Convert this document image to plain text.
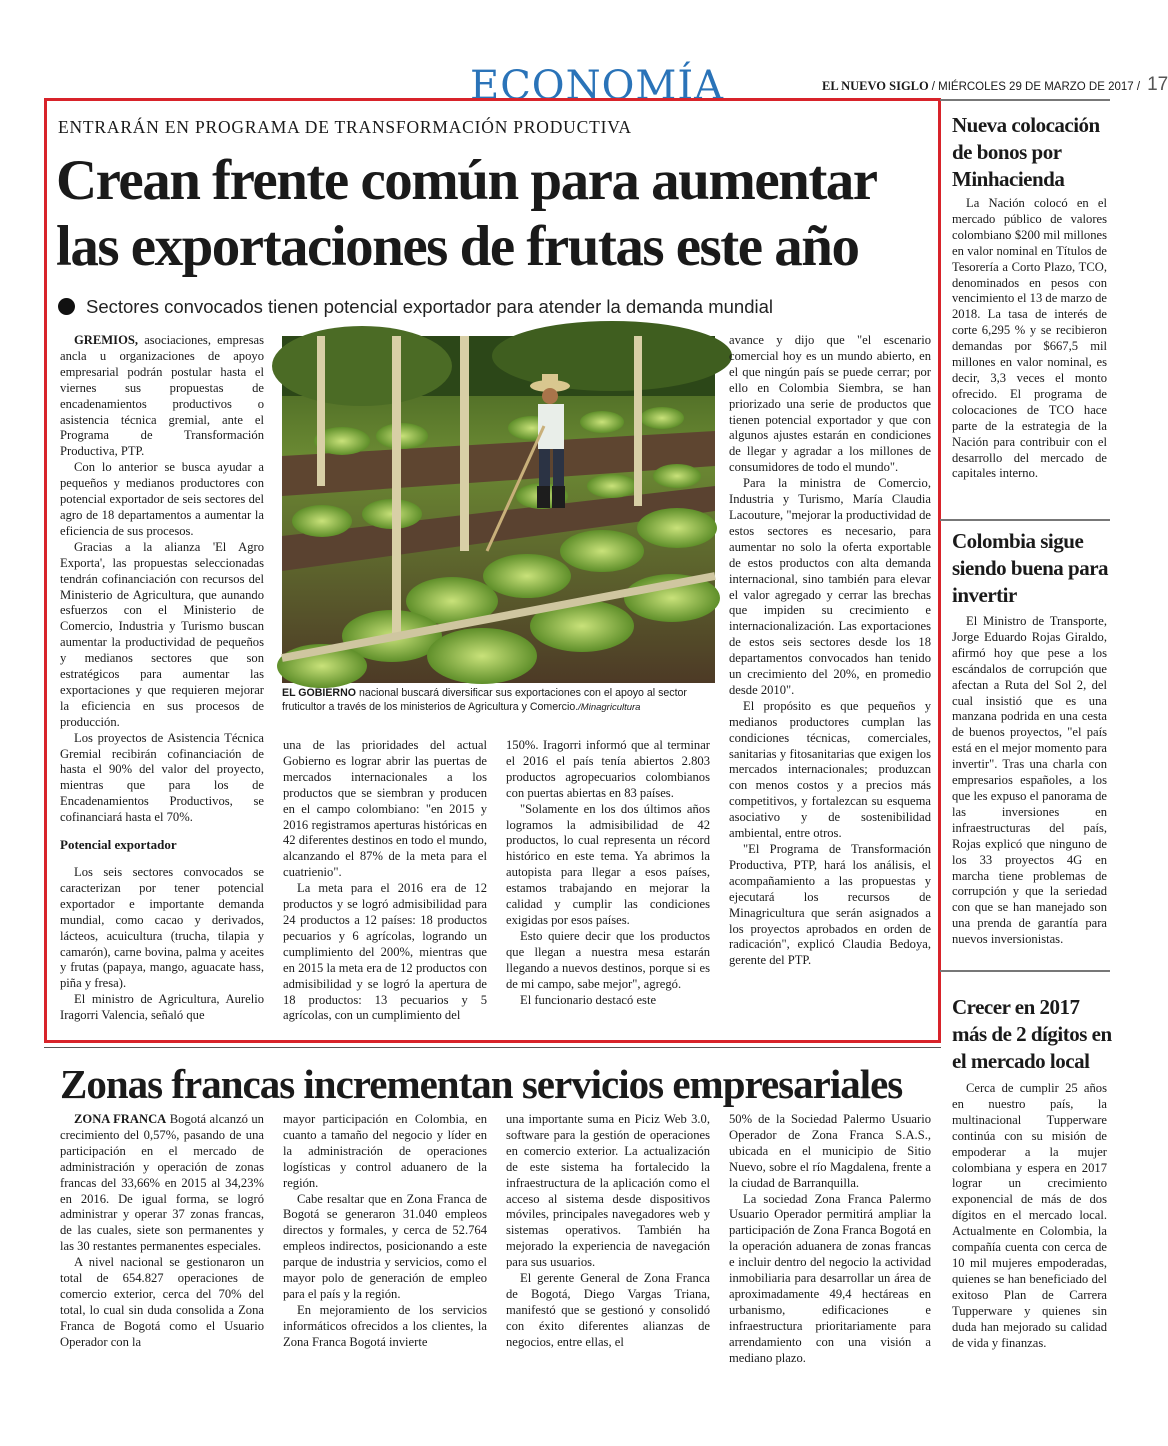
ECONOMÍA	EL NUEVO SIGLO / MIÉRCOLES 29 DE MARZO DE 2017 / 17
ENTRARÁN EN PROGRAMA DE TRANSFORMACIÓN PRODUCTIVA
Crean frente común para aumentar
las exportaciones de frutas este año
Sectores convocados tienen potencial exportador para atender la demanda mundial

GREMIOS, asociaciones, empresas ancla u organizaciones de apoyo empresarial podrán postular hasta el viernes sus propuestas de encadenamientos productivos o asistencia técnica gremial, ante el Programa de Transformación Productiva, PTP.

Con lo anterior se busca ayudar a pequeños y medianos productores con potencial exportador de seis sectores del agro de 18 departamentos a aumentar la eficiencia de sus procesos.

Gracias a la alianza 'El Agro Exporta', las propuestas seleccionadas tendrán cofinanciación con recursos del Ministerio de Agricultura, que aunando esfuerzos con el Ministerio de Comercio, Industria y Turismo buscan aumentar la productividad de pequeños y medianos sectores que son estratégicos para aumentar las exportaciones y que requieren mejorar la eficiencia en sus procesos de producción.

Los proyectos de Asistencia Técnica Gremial recibirán cofinanciación de hasta el 90% del valor del proyecto, mientras que para los de Encadenamientos Productivos, se cofinanciará hasta el 70%.

Potencial exportador

Los seis sectores convocados se caracterizan por tener potencial exportador e importante demanda mundial, como cacao y derivados, lácteos, acuicultura (trucha, tilapia y camarón), carne bovina, palma y aceites y frutas (papaya, mango, aguacate hass, piña y fresa).

El ministro de Agricultura, Aurelio Iragorri Valencia, señaló que

EL GOBIERNO nacional buscará diversificar sus exportaciones con el apoyo al sector fruticultor a través de los ministerios de Agricultura y Comercio./Minagricultura

una de las prioridades del actual Gobierno es lograr abrir las puertas de mercados internacionales a los productos que se siembran y producen en el campo colombiano: "en 2015 y 2016 registramos aperturas históricas en 42 diferentes destinos en todo el mundo, alcanzando el 87% de la meta para el cuatrienio".

La meta para el 2016 era de 12 productos y se logró admisibilidad para 24 productos a 12 países: 18 productos pecuarios y 6 agrícolas, logrando un cumplimiento del 200%, mientras que en 2015 la meta era de 12 productos con admisibilidad y se logró la apertura de 18 productos: 13 pecuarios y 5 agrícolas, con un cumplimiento del

150%. Iragorri informó que al terminar el 2016 el país tenía abiertos 2.803 productos agropecuarios colombianos con puertas abiertas en 83 países.

"Solamente en los dos últimos años logramos la admisibilidad de 42 productos, lo cual representa un récord histórico en este tema. Ya abrimos la autopista para llegar a esos países, estamos trabajando en mejorar la calidad y cumplir las condiciones exigidas por esos países.

Esto quiere decir que los productos que llegan a nuestra mesa estarán llegando a nuevos destinos, porque si es de mi campo, sabe mejor", agregó.

El funcionario destacó este

avance y dijo que "el escenario comercial hoy es un mundo abierto, en el que ningún país se puede cerrar; por ello en Colombia Siembra, se han priorizado una serie de productos que tienen potencial exportador y que con algunos ajustes estarán en condiciones de llegar y agradar a los millones de consumidores de todo el mundo".

Para la ministra de Comercio, Industria y Turismo, María Claudia Lacouture, "mejorar la productividad de estos sectores es necesario, para aumentar no solo la oferta exportable de estos productos con alta demanda internacional, sino también para elevar el valor agregado y cerrar las brechas que impiden su crecimiento e internacionalización. Las exportaciones de estos seis sectores desde los 18 departamentos convocados han tenido un crecimiento del 20%, en promedio desde 2010".

El propósito es que pequeños y medianos productores cumplan las condiciones técnicas, comerciales, sanitarias y fitosanitarias que exigen los mercados internacionales; produzcan con menos costos y a precios más competitivos, y fortalezcan su esquema asociativo y de sostenibilidad ambiental, entre otros.

"El Programa de Transformación Productiva, PTP, hará los análisis, el acompañamiento a las propuestas y ejecutará los recursos de Minagricultura que serán asignados a los proyectos aprobados en orden de radicación", explicó Claudia Bedoya, gerente del PTP.

Nueva colocación de bonos por Minhacienda

La Nación colocó en el mercado público de valores colombiano $200 mil millones en valor nominal en Títulos de Tesorería a Corto Plazo, TCO, denominados en pesos con vencimiento el 13 de marzo de 2018. La tasa de interés de corte 6,295 % y se recibieron demandas por $667,5 mil millones en valor nominal, es decir, 3,3 veces el monto ofrecido. El programa de colocaciones de TCO hace parte de la estrategia de la Nación para contribuir con el desarrollo del mercado de capitales interno.

Colombia sigue siendo buena para invertir

El Ministro de Transporte, Jorge Eduardo Rojas Giraldo, afirmó hoy que pese a los escándalos de corrupción que afectan a Ruta del Sol 2, del cual insistió que es una manzana podrida en una cesta de buenos proyectos, "el país está en el mejor momento para invertir". Tras una charla con empresarios españoles, a los que les expuso el panorama de las inversiones en infraestructuras del país, Rojas explicó que ninguno de los 33 proyectos 4G en marcha tiene problemas de corrupción y que la seriedad con que se han manejado son una prenda de garantía para nuevos inversionistas.

Crecer en 2017 más de 2 dígitos en el mercado local

Cerca de cumplir 25 años en nuestro país, la multinacional Tupperware continúa con su misión de empoderar a la mujer colombiana y espera en 2017 lograr un crecimiento exponencial de más de dos dígitos en el mercado local. Actualmente en Colombia, la compañía cuenta con cerca de 10 mil mujeres empoderadas, quienes se han beneficiado del exitoso Plan de Carrera Tupperware y quienes sin duda han mejorado su calidad de vida y finanzas.

Zonas francas incrementan servicios empresariales

ZONA FRANCA Bogotá alcanzó un crecimiento del 0,57%, pasando de una participación en el mercado de administración y operación de zonas francas del 33,66% en 2015 al 34,23% en 2016. De igual forma, se logró administrar y operar 37 zonas francas, de las cuales, siete son permanentes y las 30 restantes permanentes especiales.

A nivel nacional se gestionaron un total de 654.827 operaciones de comercio exterior, cerca del 70% del total, lo cual sin duda consolida a Zona Franca de Bogotá como el Usuario Operador con la

mayor participación en Colombia, en cuanto a tamaño del negocio y líder en la administración de operaciones logísticas y control aduanero de la región.

Cabe resaltar que en Zona Franca de Bogotá se generaron 31.040 empleos directos y formales, y cerca de 52.764 empleos indirectos, posicionando a este parque de industria y servicios, como el mayor polo de generación de empleo para el país y la región.

En mejoramiento de los servicios informáticos ofrecidos a los clientes, la Zona Franca Bogotá invierte

una importante suma en Piciz Web 3.0, software para la gestión de operaciones en comercio exterior. La actualización de este sistema ha fortalecido la infraestructura de la aplicación como el acceso al sistema desde dispositivos móviles, principales navegadores web y sistemas operativos. También ha mejorado la experiencia de navegación para sus usuarios.

El gerente General de Zona Franca de Bogotá, Diego Vargas Triana, manifestó que se gestionó y consolidó con éxito diferentes alianzas de negocios, entre ellas, el

50% de la Sociedad Palermo Usuario Operador de Zona Franca S.A.S., ubicada en el municipio de Sitio Nuevo, sobre el río Magdalena, frente a la ciudad de Barranquilla.

La sociedad Zona Franca Palermo Usuario Operador permitirá ampliar la participación de Zona Franca Bogotá en la operación aduanera de zonas francas e incluir dentro del negocio la actividad inmobiliaria para desarrollar un área de aproximadamente 49,4 hectáreas en urbanismo, edificaciones e infraestructura prioritariamente para arrendamiento con una visión a mediano plazo.
